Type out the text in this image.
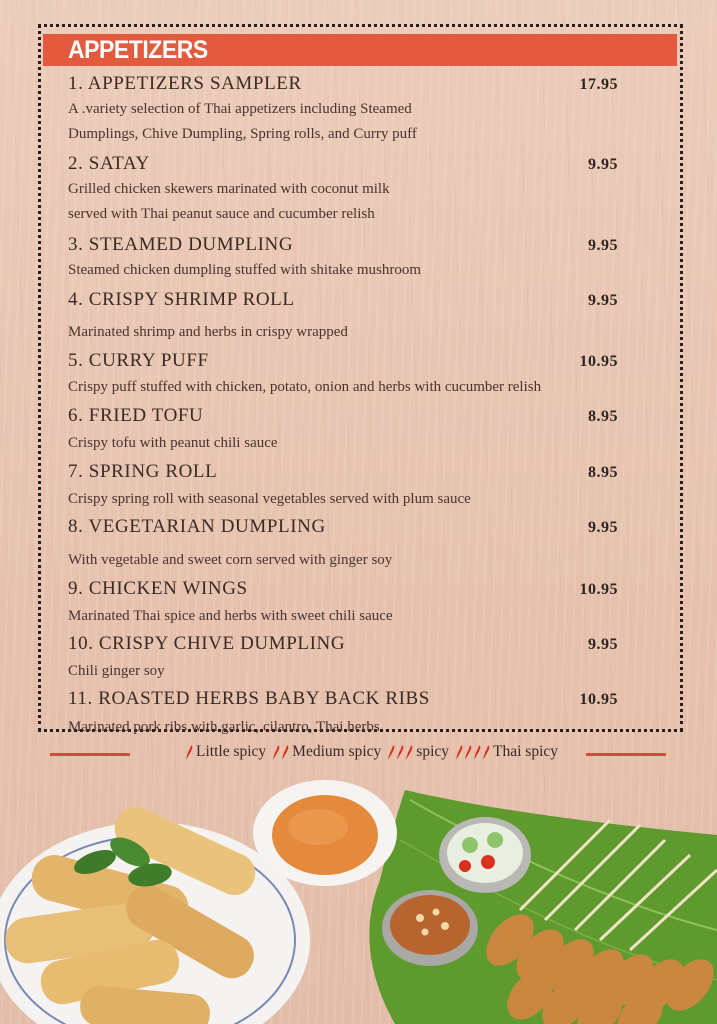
APPETIZERS
1. APPETIZERS SAMPLER	17.95
A .variety selection of Thai appetizers including Steamed
Dumplings, Chive Dumpling, Spring rolls, and Curry puff
2. SATAY	9.95
Grilled chicken skewers marinated with coconut milk
served with Thai peanut sauce and cucumber relish
3. STEAMED DUMPLING	9.95
Steamed chicken dumpling stuffed with shitake mushroom
4. CRISPY SHRIMP ROLL	9.95
Marinated shrimp and herbs in crispy wrapped
5. CURRY PUFF	10.95
Crispy puff stuffed with chicken, potato, onion and herbs with cucumber relish
6. FRIED TOFU	8.95
Crispy tofu with peanut chili sauce
7. SPRING ROLL	8.95
Crispy spring roll with seasonal vegetables served with plum sauce
8. VEGETARIAN DUMPLING	9.95
With vegetable and sweet corn served with ginger soy
9. CHICKEN WINGS	10.95
Marinated Thai spice and herbs with sweet chili sauce
10. CRISPY CHIVE DUMPLING	9.95
Chili ginger soy
11. ROASTED HERBS BABY BACK RIBS	10.95
Marinated pork ribs with garlic, cilantro, Thai herbs
Little spicy Medium spicy spicy	Thai spicy
